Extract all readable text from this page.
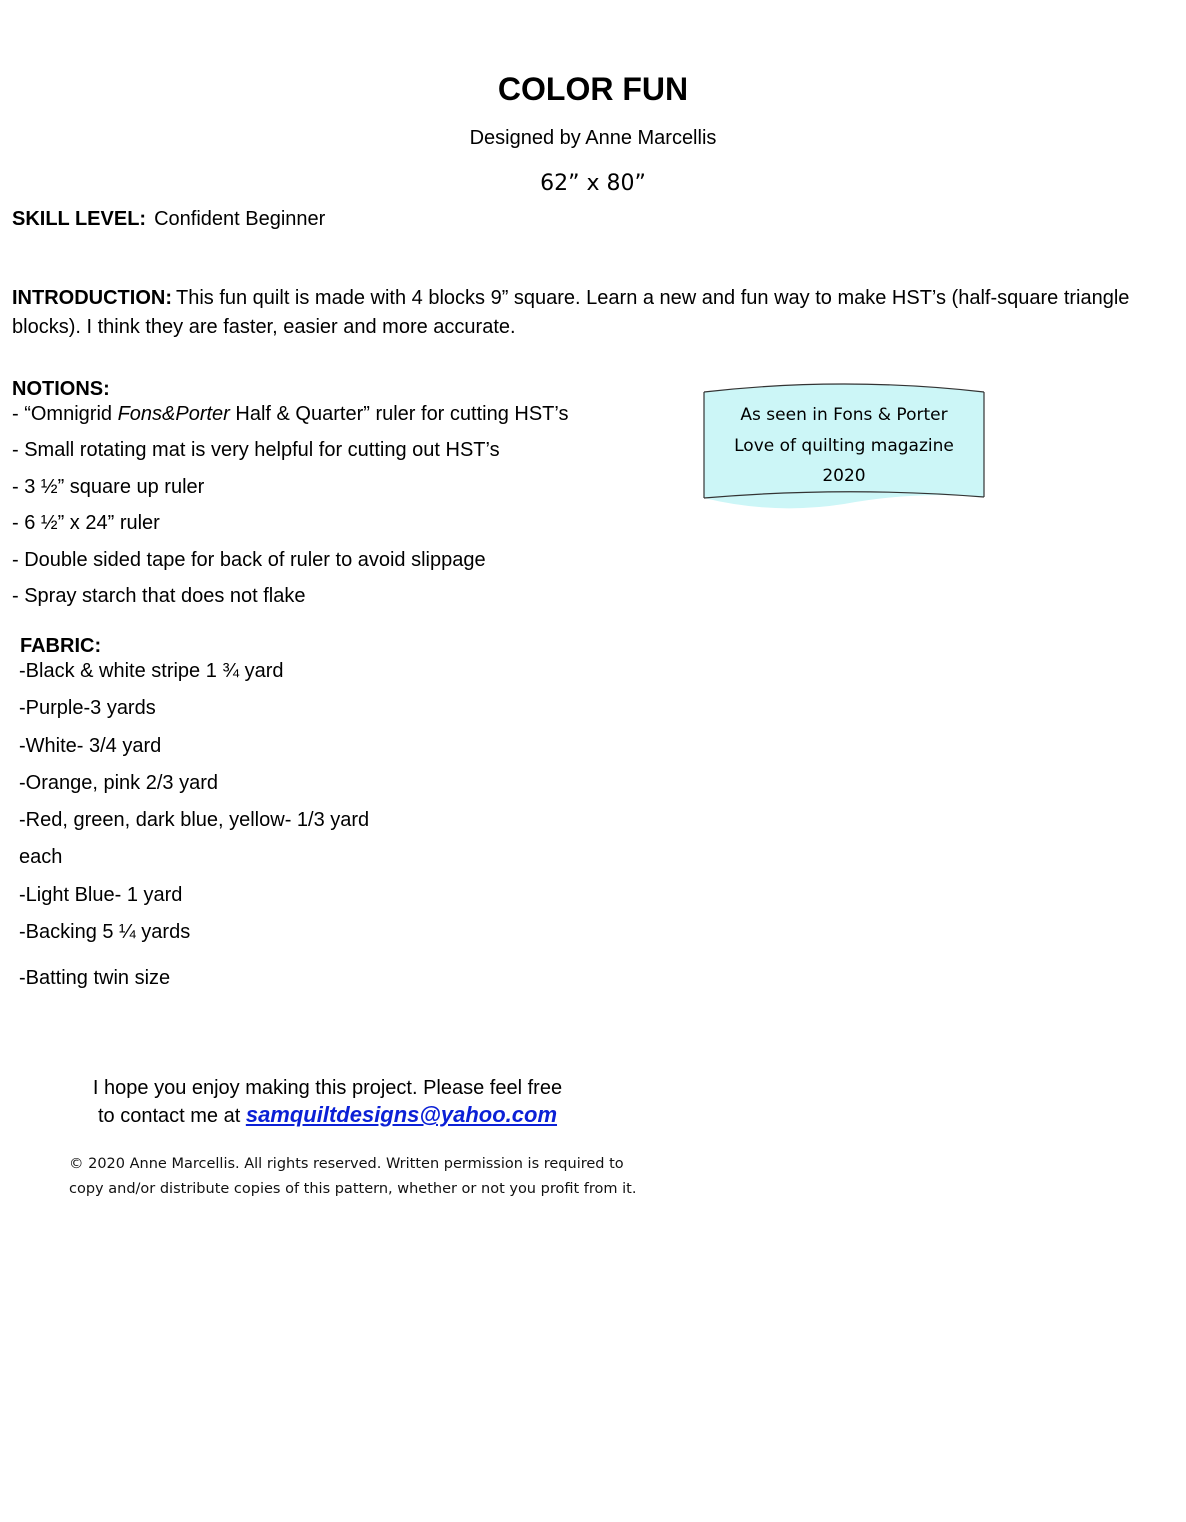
COLOR FUN

Designed by Anne Marcellis

62” x 80”

SKILL LEVEL: Confident Beginner

INTRODUCTION: This fun quilt is made with 4 blocks 9” square. Learn a new and fun way to make HST’s (half-square triangle blocks). I think they are faster, easier and more accurate.

NOTIONS:

- “Omnigrid Fons&Porter Half & Quarter” ruler for cutting HST’s

- Small rotating mat is very helpful for cutting out HST’s

- 3 ½” square up ruler

- 6 ½” x 24” ruler

- Double sided tape for back of ruler to avoid slippage

- Spray starch that does not flake

As seen in Fons & Porter
Love of quilting magazine
2020

FABRIC:

-Black & white stripe 1 ¾ yard

-Purple-3 yards

-White- 3/4 yard

-Orange, pink 2/3 yard

-Red, green, dark blue, yellow- 1/3 yard

each

-Light Blue- 1 yard

-Backing 5 ¼ yards

-Batting twin size

I hope you enjoy making this project. Please feel free

to contact me at samquiltdesigns@yahoo.com

© 2020 Anne Marcellis. All rights reserved. Written permission is required to

copy and/or distribute copies of this pattern, whether or not you profit from it.
